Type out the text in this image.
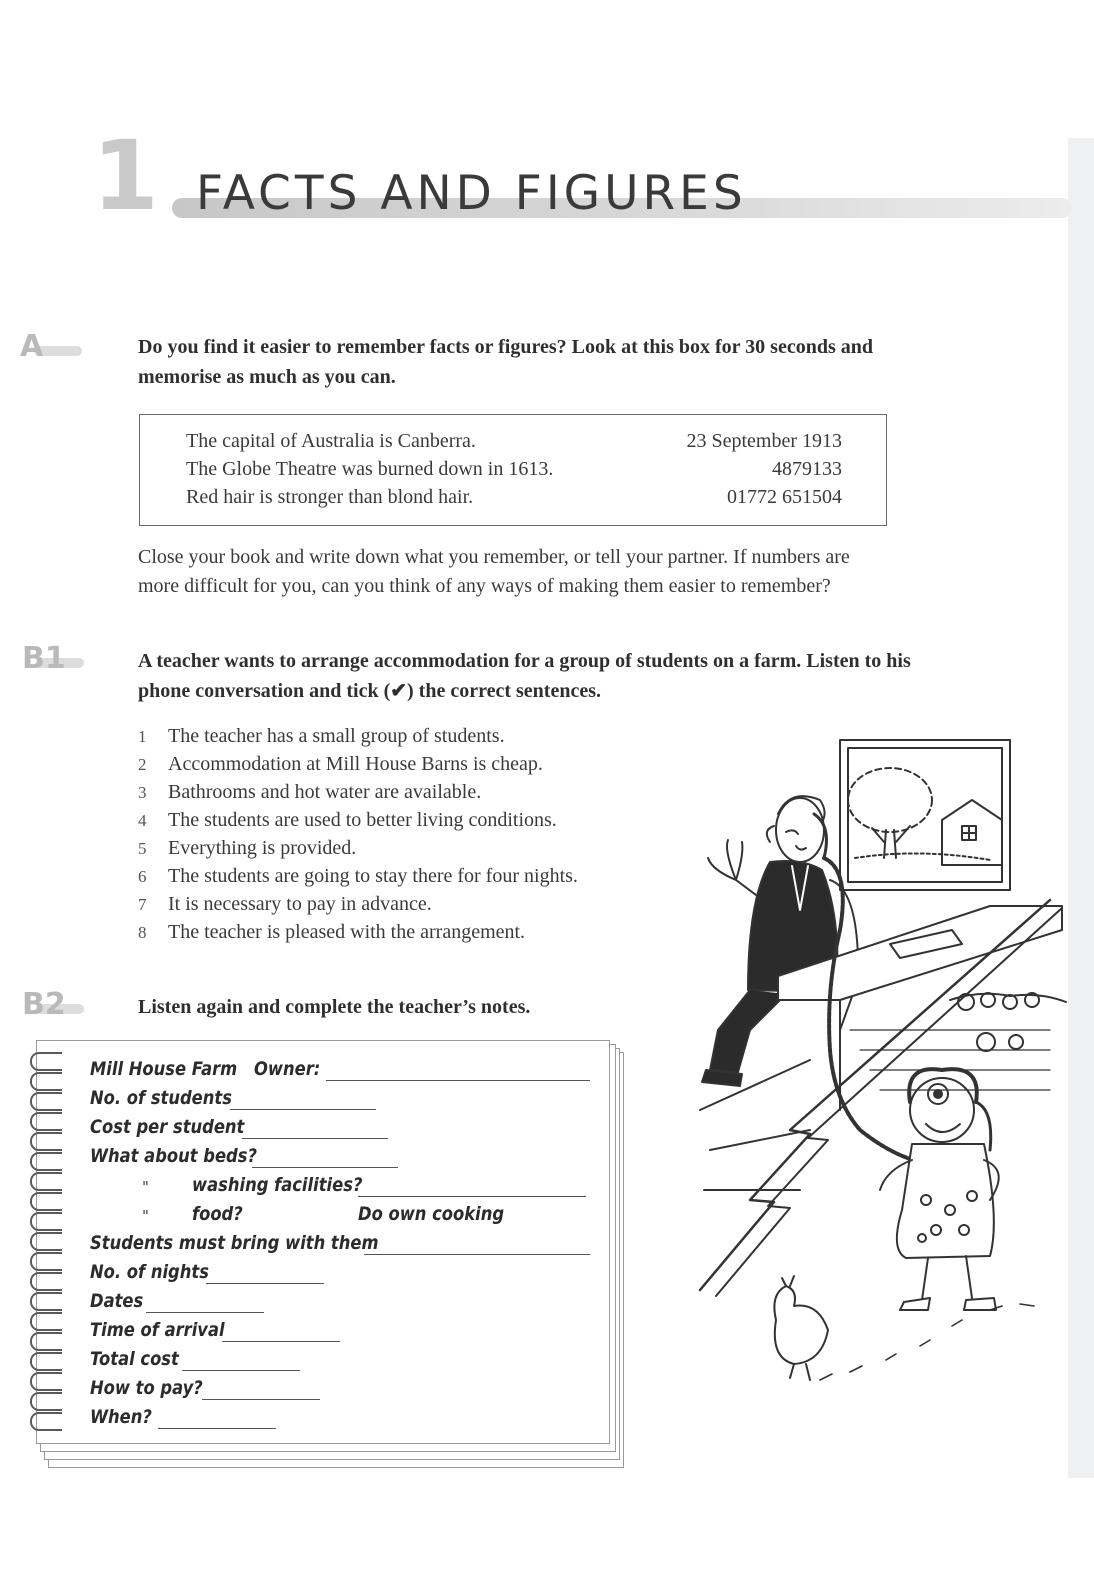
1 FACTS AND FIGURES
A	Do you find it easier to remember facts or figures? Look at this box for 30 seconds and
memorise as much as you can.
The capital of Australia is Canberra.	23 September 1913
The Globe Theatre was burned down in 1613.	4879133
Red hair is stronger than blond hair.	01772 651504
Close your book and write down what you remember, or tell your partner. If numbers are
more difficult for you, can you think of any ways of making them easier to remember?
B1	A teacher wants to arrange accommodation for a group of students on a farm. Listen to his
phone conversation and tick (✔) the correct sentences.
1 The teacher has a small group of students.
2 Accommodation at Mill House Barns is cheap.
3 Bathrooms and hot water are available.
4 The students are used to better living conditions.
5 Everything is provided.
6 The students are going to stay there for four nights.
7 It is necessary to pay in advance.
8 The teacher is pleased with the arrangement.
B2	Listen again and complete the teacher’s notes.
Mill House Farm Owner:
No. of students
Cost per student
What about beds?
" washing facilities?
" food?	Do own cooking
Students must bring with them
No. of nights
Dates
Time of arrival
Total cost
How to pay?
When?
